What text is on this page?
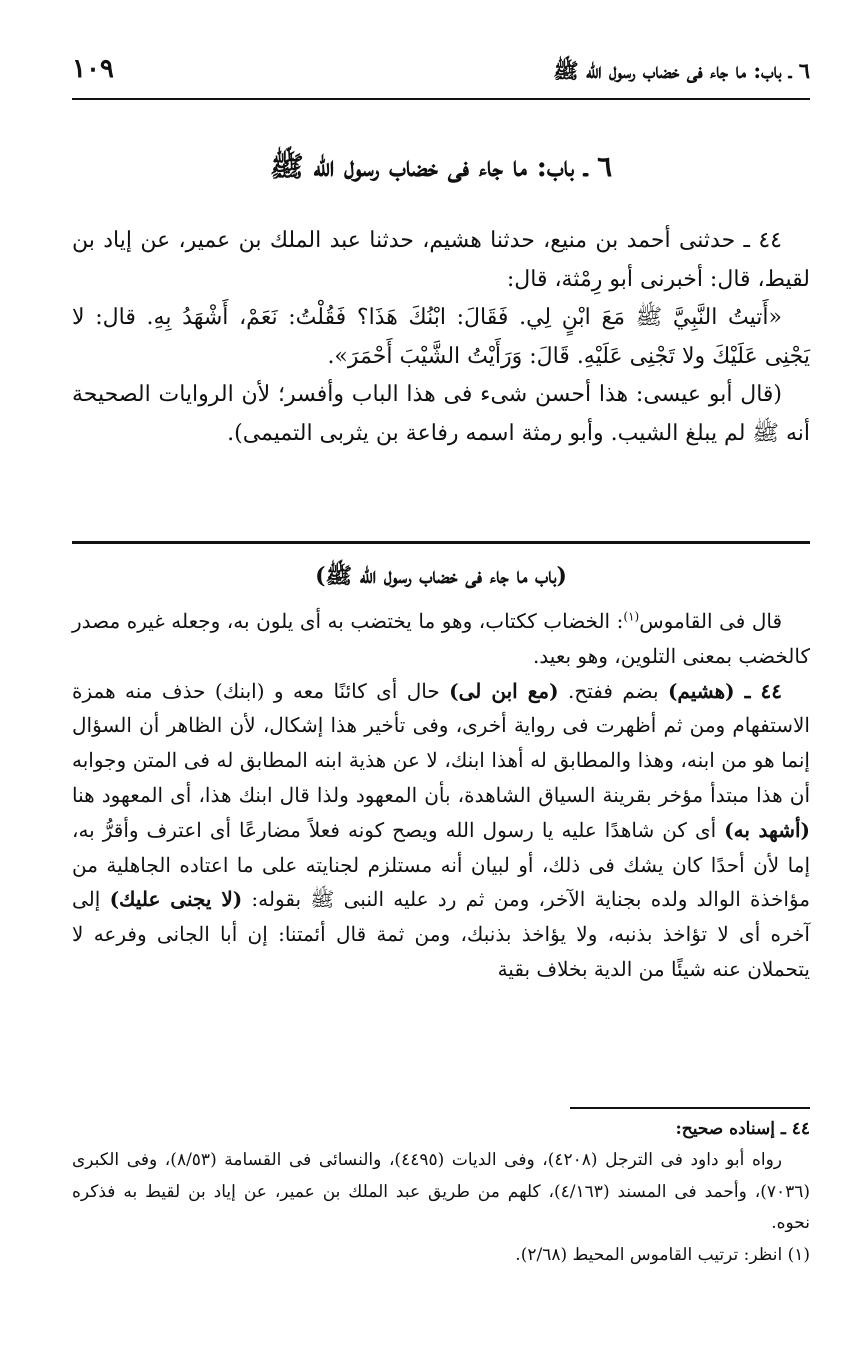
٦ ـ باب: ما جاء فى خضاب رسول الله ﷺ
١٠٩
٦ ـ باب: ما جاء فى خضاب رسول الله ﷺ

٤٤ ـ حدثنى أحمد بن منيع، حدثنا هشيم، حدثنا عبد الملك بن عمير، عن إياد بن لقيط، قال: أخبرنى أبو رِمْثة، قال:

«أَتيتُ النَّبِيَّ ﷺ مَعَ ابْنٍ لِي. فَقَالَ: ابْنُكَ هَذَا؟ فَقُلْتُ: نَعَمْ، أَشْهَدُ بِهِ. قال: لا يَجْنِى عَلَيْكَ ولا تَجْنِى عَلَيْهِ. قَالَ: وَرَأَيْتُ الشَّيْبَ أَحْمَرَ».

(قال أبو عيسى: هذا أحسن شىء فى هذا الباب وأفسر؛ لأن الروايات الصحيحة أنه ﷺ لم يبلغ الشيب. وأبو رمثة اسمه رفاعة بن يثربى التميمى).

(باب ما جاء فى خضاب رسول الله ﷺ)

قال فى القاموس$^{(١)}$: الخضاب ككتاب، وهو ما يختضب به أى يلون به، وجعله غيره مصدر كالخضب بمعنى التلوين، وهو بعيد.

٤٤ ـ (هشيم) بضم ففتح. (مع ابن لى) حال أى كائنًا معه و (ابنك) حذف منه همزة الاستفهام ومن ثم أظهرت فى رواية أخرى، وفى تأخير هذا إشكال، لأن الظاهر أن السؤال إنما هو من ابنه، وهذا والمطابق له أهذا ابنك، لا عن هذية ابنه المطابق له فى المتن وجوابه أن هذا مبتدأ مؤخر بقرينة السياق الشاهدة، بأن المعهود ولذا قال ابنك هذا، أى المعهود هنا (أشهد به) أى كن شاهدًا عليه يا رسول الله ويصح كونه فعلاً مضارعًا أى اعترف وأقرُّ به، إما لأن أحدًا كان يشك فى ذلك، أو لبيان أنه مستلزم لجنايته على ما اعتاده الجاهلية من مؤاخذة الوالد ولده بجناية الآخر، ومن ثم رد عليه النبى ﷺ بقوله: (لا يجنى عليك) إلى آخره أى لا تؤاخذ بذنبه، ولا يؤاخذ بذنبك، ومن ثمة قال أئمتنا: إن أبا الجانى وفرعه لا يتحملان عنه شيئًا من الدية بخلاف بقية

٤٤ ـ إسناده صحيح:

رواه أبو داود فى الترجل (٤٢٠٨)، وفى الديات (٤٤٩٥)، والنسائى فى القسامة (٨/٥٣)، وفى الكبرى (٧٠٣٦)، وأحمد فى المسند (٤/١٦٣)، كلهم من طريق عبد الملك بن عمير، عن إياد بن لقيط به فذكره نحوه.

(١) انظر: ترتيب القاموس المحيط (٢/٦٨).
